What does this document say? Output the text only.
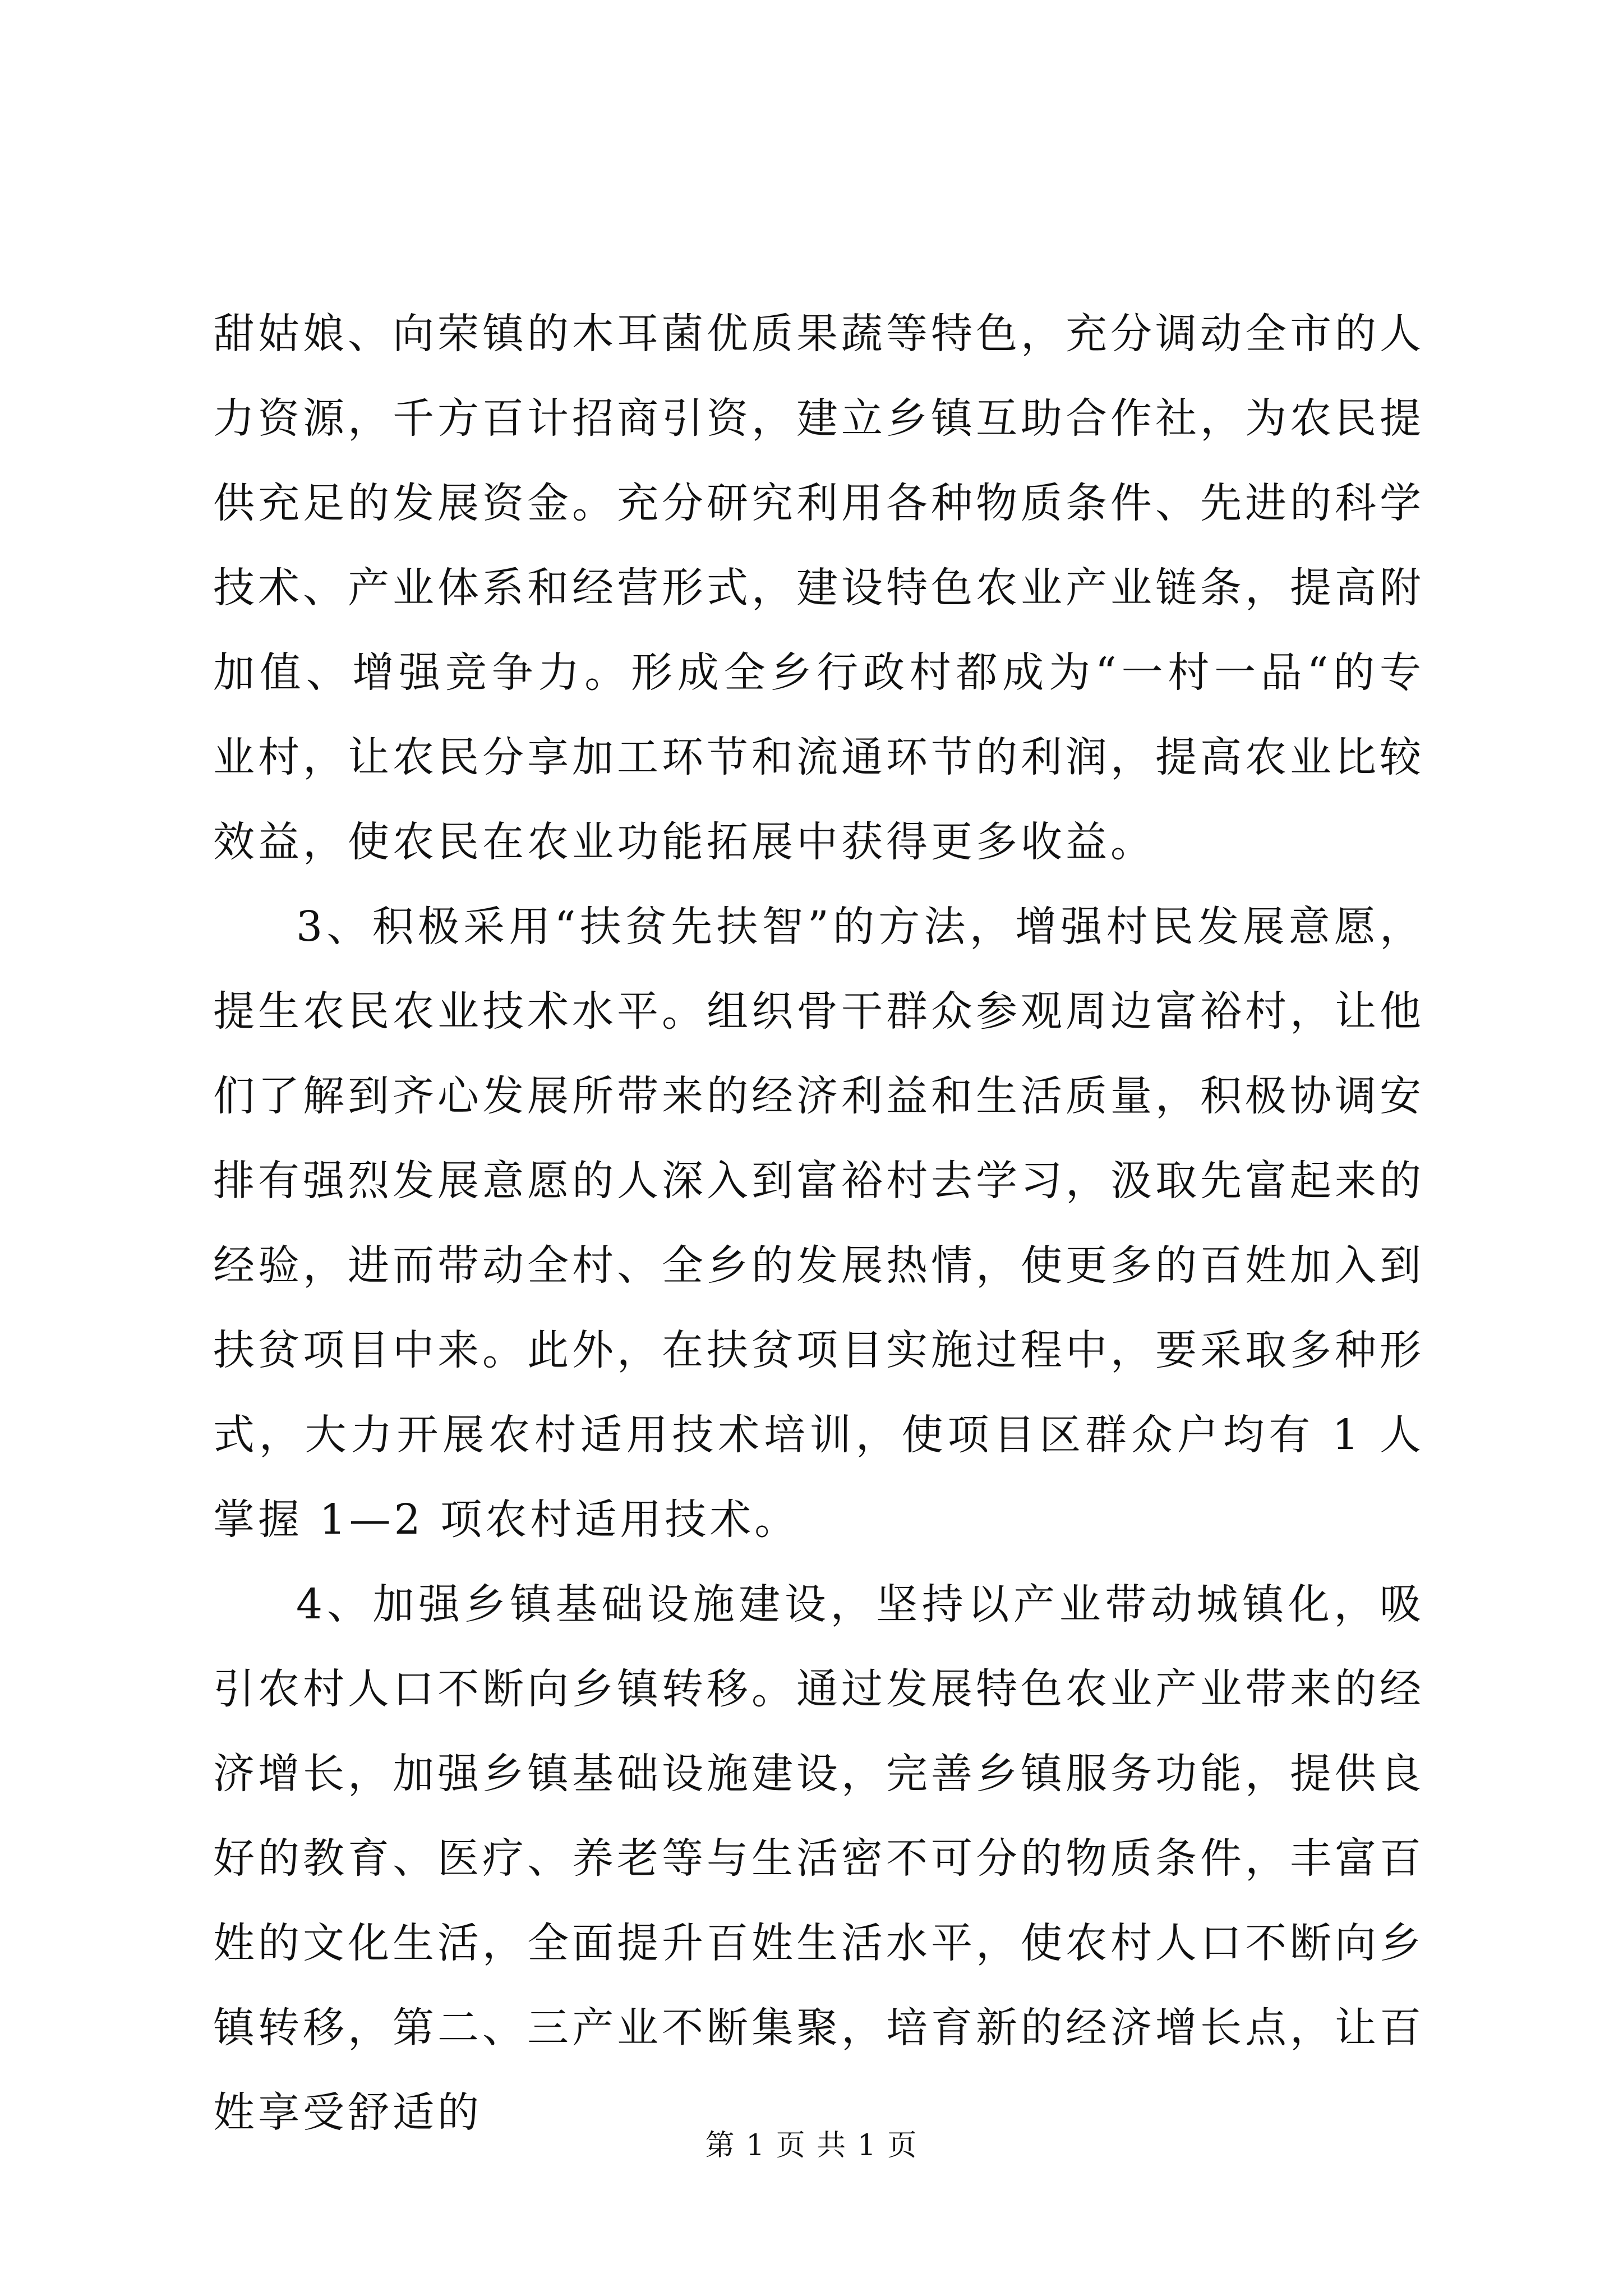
甜姑娘、向荣镇的木耳菌优质果蔬等特色，充分调动全市的人力资源，千方百计招商引资，建立乡镇互助合作社，为农民提供充足的发展资金。充分研究利用各种物质条件、先进的科学技术、产业体系和经营形式，建设特色农业产业链条，提高附加值、增强竞争力。形成全乡行政村都成为“一村一品“的专业村，让农民分享加工环节和流通环节的利润，提高农业比较效益，使农民在农业功能拓展中获得更多收益。

3、积极采用“扶贫先扶智”的方法，增强村民发展意愿，提生农民农业技术水平。组织骨干群众参观周边富裕村，让他们了解到齐心发展所带来的经济利益和生活质量，积极协调安排有强烈发展意愿的人深入到富裕村去学习，汲取先富起来的经验，进而带动全村、全乡的发展热情，使更多的百姓加入到扶贫项目中来。此外，在扶贫项目实施过程中，要采取多种形式，大力开展农村适用技术培训，使项目区群众户均有 1 人掌握 1—2 项农村适用技术。

4、加强乡镇基础设施建设，坚持以产业带动城镇化，吸引农村人口不断向乡镇转移。通过发展特色农业产业带来的经济增长，加强乡镇基础设施建设，完善乡镇服务功能，提供良好的教育、医疗、养老等与生活密不可分的物质条件，丰富百姓的文化生活，全面提升百姓生活水平，使农村人口不断向乡镇转移，第二、三产业不断集聚，培育新的经济增长点，让百姓享受舒适的

第 1 页 共 1 页
